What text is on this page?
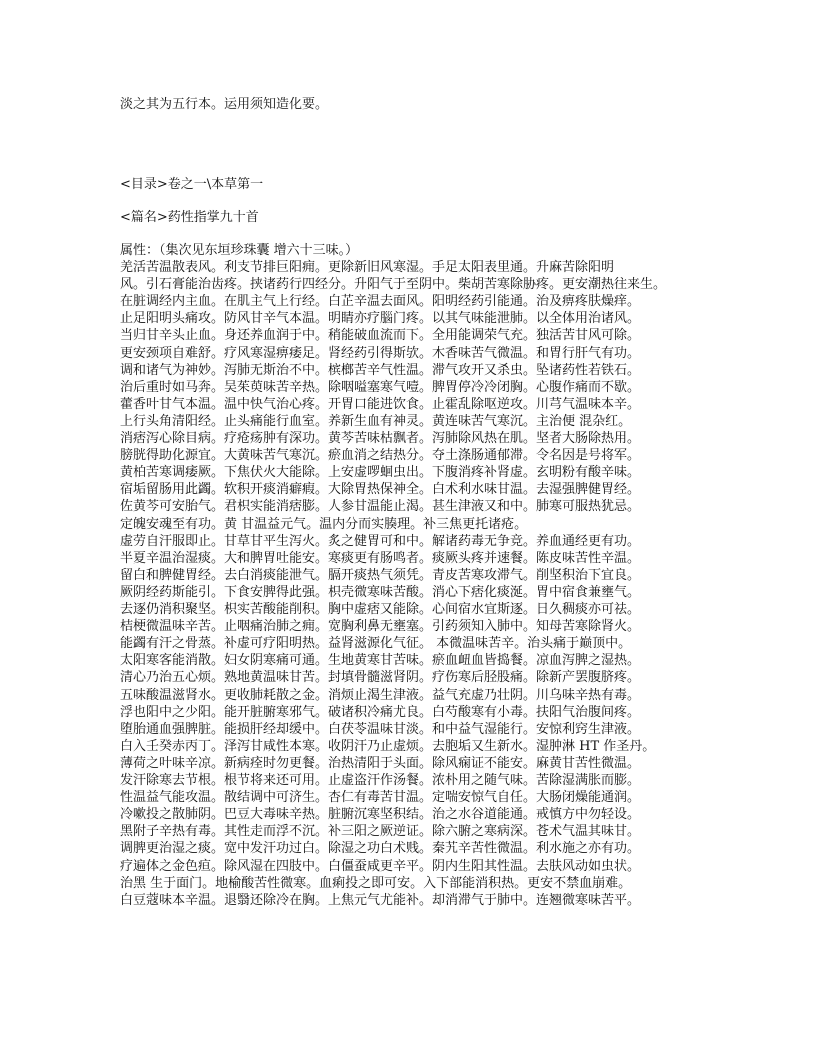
淡之其为五行本。运用须知造化要。
<目录>卷之一\本草第一
<篇名>药性指掌九十首
属性：（集次见东垣珍珠囊 增六十三味。）
羌活苦温散表风。利支节排巨阳痈。更除新旧风寒湿。手足太阳表里通。升麻苦除阳明
风。引石膏能治齿疼。挟诸药行四经分。升阳气于至阴中。柴胡苦寒除胁疼。更安潮热往来生。
在脏调经内主血。在肌主气上行经。白芷辛温去面风。阳明经药引能通。治及痹疼肤燥痒。
止足阳明头痛攻。防风甘辛气本温。明睛亦疗腦门疼。以其气味能泄肺。以全体用治诸风。
当归甘辛头止血。身还养血润于中。稍能破血流而下。全用能调荣气充。独活苦甘风可除。
更安颈项自难舒。疗风寒湿痹痿足。肾经药引得斯欤。木香味苦气微温。和胃行肝气有功。
调和诸气为神妙。泻肺无斯治不中。槟榔苦辛气性温。滞气攻开又杀虫。坠诸药性若铁石。
治后重时如马奔。吴茱萸味苦辛热。除咽嗌塞寒气噎。脾胃停冷冷闭胸。心腹作痛而不歇。
藿香叶甘气本温。温中快气治心疼。开胃口能进饮食。止霍乱除呕逆攻。川芎气温味本辛。
上行头角清阳经。止头痛能行血室。养新生血有神灵。黄连味苦气寒沉。主治便 混杂红。
消痞泻心除目病。疗疮疡肿有深功。黄芩苦味枯飘者。泻肺除风热在肌。坚者大肠除热用。
膀胱得助化源宜。大黄味苦气寒沉。瘀血消之结热分。夺土涤肠通郁滞。令名因是号将军。
黄柏苦寒调痿厥。下焦伏火大能除。上安虚啰蛔虫出。下腹消疼补肾虚。玄明粉有酸辛味。
宿垢留肠用此蠲。软积开痰消癖瘕。大除胃热保神全。白术利水味甘温。去湿强脾健胃经。
佐黄芩可安胎气。君枳实能消痞膨。人参甘温能止渴。甚生津液又和中。肺寒可服热犹忌。
定魄安魂至有功。黄 甘温益元气。温内分而实腠理。补三焦更托诸疮。
虚劳自汗服即止。甘草甘平生泻火。炙之健胃可和中。解诸药毒无争竞。养血通经更有功。
半夏辛温治湿痰。大和脾胃吐能安。寒痰更有肠鸣者。痰厥头疼并速餐。陈皮味苦性辛温。
留白和脾健胃经。去白消痰能泄气。膈开痰热气须凭。青皮苦寒攻滞气。削坚积治下宜良。
厥阴经药斯能引。下食安脾得此强。枳壳微寒味苦酸。消心下痞化痰涎。胃中宿食兼壅气。
去逐仍消积聚坚。枳实苦酸能削积。胸中虚痞又能除。心间宿水宜斯逐。日久稠痰亦可祛。
桔梗微温味辛苦。止咽痛治肺之痈。宽胸利鼻无壅塞。引药须知入肺中。知母苦寒除肾火。
能蠲有汗之骨蒸。补虚可疗阳明热。益肾滋源化气征。 本微温味苦辛。治头痛于巅顶中。
太阳寒客能消散。妇女阴寒痛可通。生地黄寒甘苦味。瘀血衄血皆捣餐。凉血泻脾之湿热。
清心乃治五心烦。熟地黄温味甘苦。封填骨髓滋肾阴。疗伤寒后胫股痛。除新产罢腹脐疼。
五味酸温滋肾水。更收肺耗散之金。消烦止渴生津液。益气充虚乃壮阴。川乌味辛热有毒。
浮也阳中之少阳。能开脏腑寒邪气。破诸积冷痛尤良。白芍酸寒有小毒。扶阳气治腹间疼。
堕胎通血强脾脏。能损肝经却缓中。白茯苓温味甘淡。和中益气湿能行。安惊利窍生津液。
白入壬癸赤丙丁。泽泻甘咸性本寒。收阴汗乃止虚烦。去胞垢又生新水。湿肿淋 HT 作圣丹。
薄荷之叶味辛凉。新病痊时勿更餐。治热清阳于头面。除风痫证不能安。麻黄甘苦性微温。
发汗除寒去节根。根节将来还可用。止虚盗汗作汤餐。浓朴用之随气味。苦除湿满胀而膨。
性温益气能攻温。散结调中可济生。杏仁有毒苦甘温。定喘安惊气自任。大肠闭燥能通润。
冷嗽投之散肺阴。巴豆大毒味辛热。脏腑沉寒坚积结。治之水谷道能通。戒慎方中勿轻设。
黑附子辛热有毒。其性走而浮不沉。补三阳之厥逆证。除六腑之寒病深。苍术气温其味甘。
调脾更治湿之痰。宽中发汗功过白。除湿之功白术贱。秦艽辛苦性微温。利水施之亦有功。
疗遍体之金色疸。除风湿在四肢中。白僵蚕咸更辛平。阴内生阳其性温。去肤风动如虫状。
治黑 生于面门。地榆酸苦性微寒。血痢投之即可安。入下部能消积热。更安不禁血崩难。
白豆蔻味本辛温。退翳还除冷在胸。上焦元气尤能补。却消滞气于肺中。连翘微寒味苦平。
